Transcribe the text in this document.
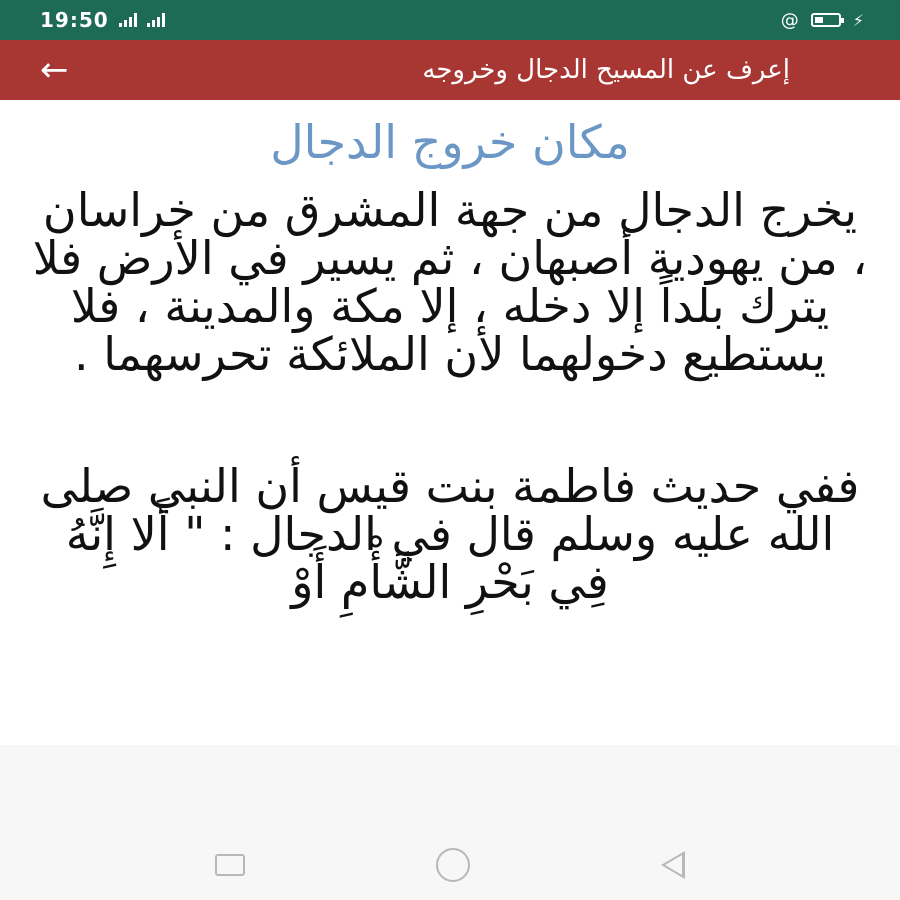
19:50	@	⚡
←	إعرف عن المسيح الدجال وخروجه
مكان خروج الدجال

يخرج الدجال من جهة المشرق من خراسان ، من يهودية أصبهان ، ثم يسير في الأرض فلا يترك بلداً إلا دخله ، إلا مكة والمدينة ، فلا يستطيع دخولهما لأن الملائكة تحرسهما .

ففي حديث فاطمة بنت قيس أن النبي صلى الله عليه وسلم قال في الدجال : " أَلا إِنَّهُ فِي بَحْرِ الشَّأْمِ أَوْ
